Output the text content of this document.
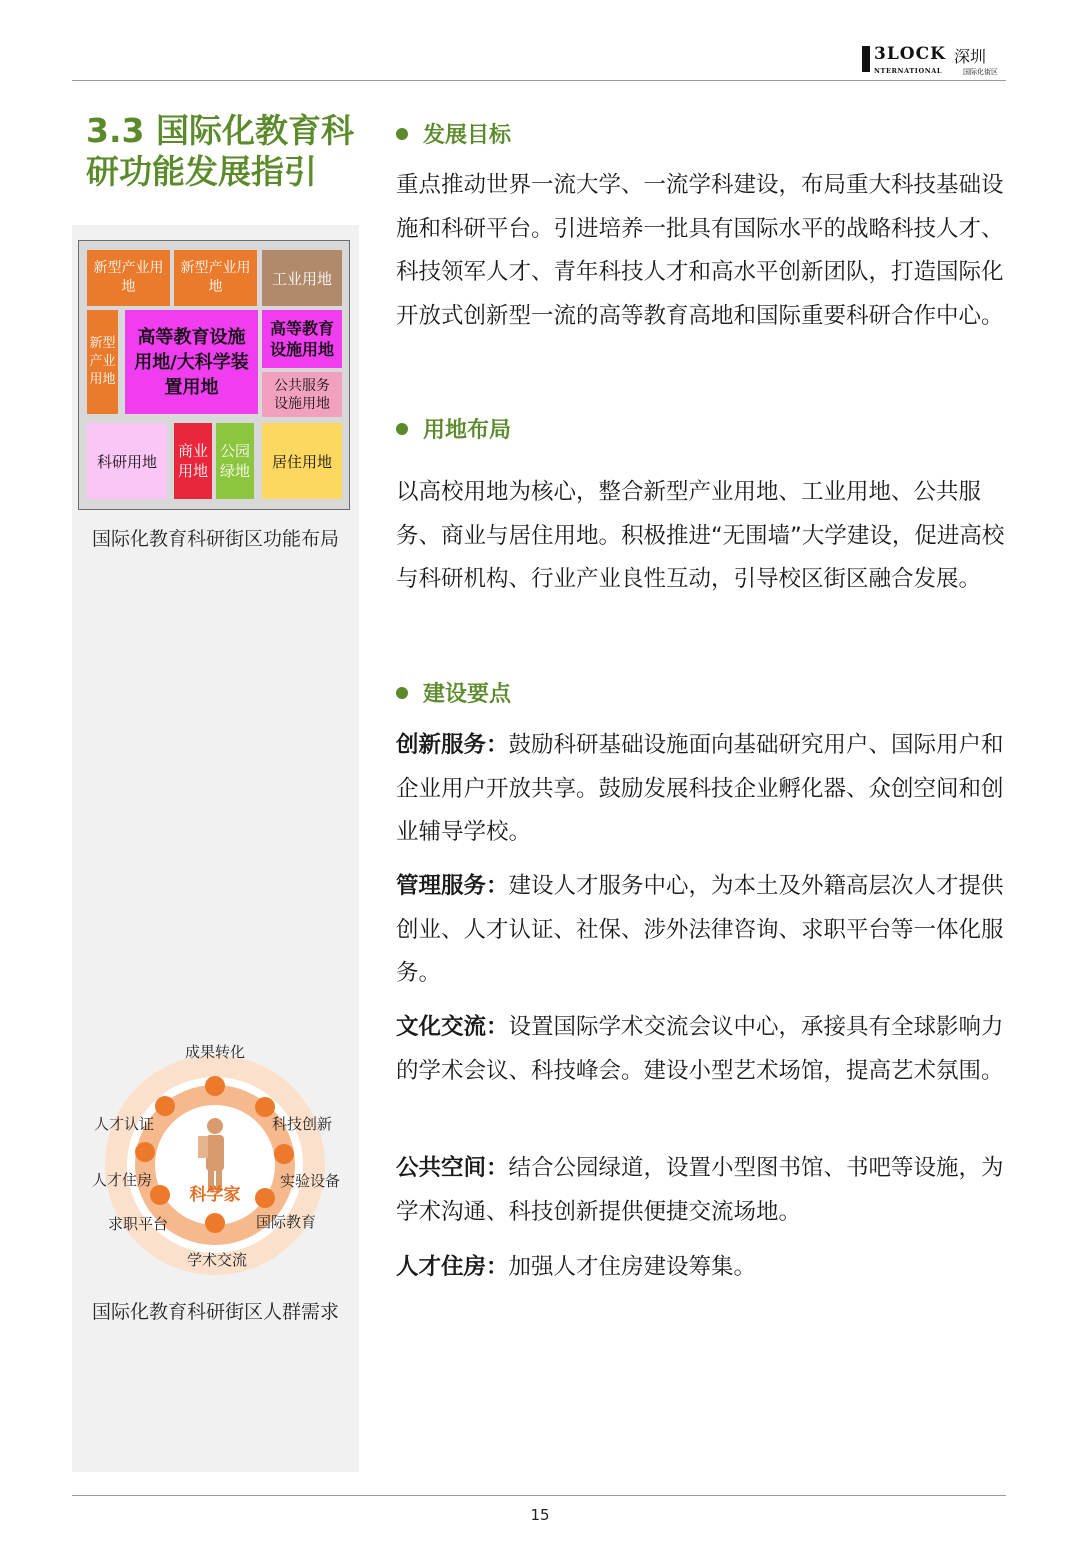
3LOCK 深圳
NTERNATIONAL	国际化街区
3.3 国际化教育科
研功能发展指引
新型产业用地
新型产业用地	工业用地
新型产业用地
高等教育设施用地/大科学装置用地
高等教育设施用地
公共服务设施用地
科研用地
商业用地
公园绿地
居住用地
国际化教育科研街区功能布局
科学家
成果转化
科技创新
实验设备
国际教育
学术交流
求职平台
人才住房
人才认证
国际化教育科研街区人群需求
发展目标
重点推动世界一流大学、一流学科建设，布局重大科技基础设施和科研平台。引进培养一批具有国际水平的战略科技人才、科技领军人才、青年科技人才和高水平创新团队，打造国际化开放式创新型一流的高等教育高地和国际重要科研合作中心。
用地布局
以高校用地为核心，整合新型产业用地、工业用地、公共服务、商业与居住用地。积极推进“无围墙”大学建设，促进高校与科研机构、行业产业良性互动，引导校区街区融合发展。
建设要点
创新服务：鼓励科研基础设施面向基础研究用户、国际用户和企业用户开放共享。鼓励发展科技企业孵化器、众创空间和创业辅导学校。
管理服务：建设人才服务中心，为本土及外籍高层次人才提供创业、人才认证、社保、涉外法律咨询、求职平台等一体化服务。
文化交流：设置国际学术交流会议中心，承接具有全球影响力的学术会议、科技峰会。建设小型艺术场馆，提高艺术氛围。
公共空间：结合公园绿道，设置小型图书馆、书吧等设施，为学术沟通、科技创新提供便捷交流场地。
人才住房：加强人才住房建设筹集。
15
